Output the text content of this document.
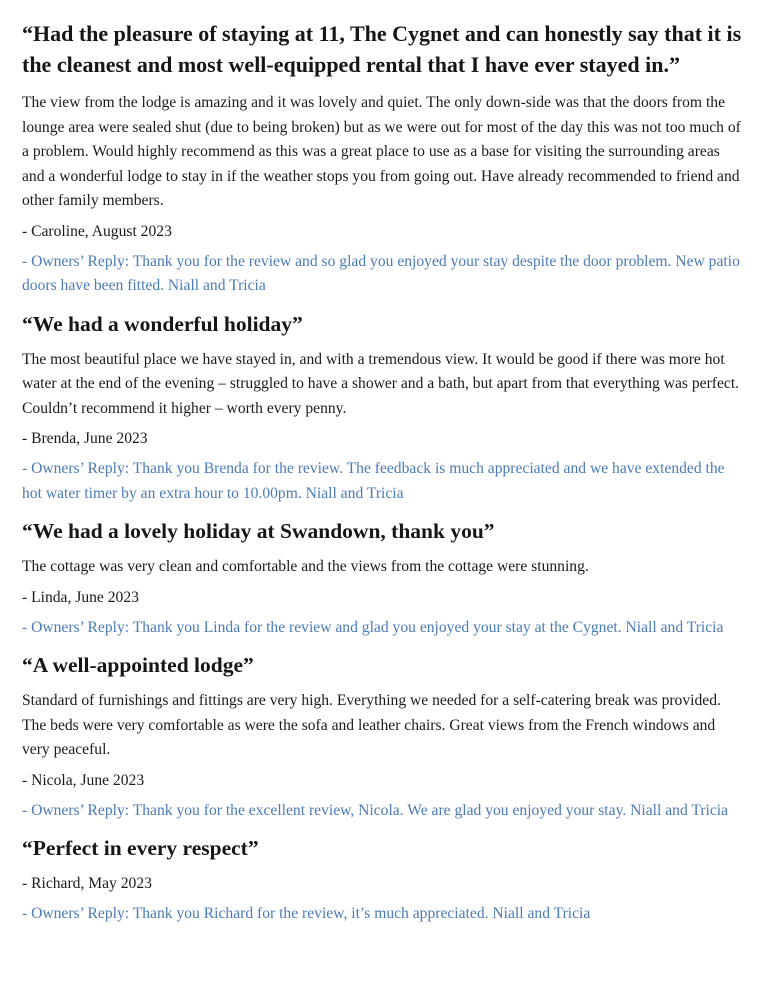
“Had the pleasure of staying at 11, The Cygnet and can honestly say that it is the cleanest and most well-equipped rental that I have ever stayed in.”

The view from the lodge is amazing and it was lovely and quiet. The only down-side was that the doors from the lounge area were sealed shut (due to being broken) but as we were out for most of the day this was not too much of a problem. Would highly recommend as this was a great place to use as a base for visiting the surrounding areas and a wonderful lodge to stay in if the weather stops you from going out. Have already recommended to friend and other family members.

- Caroline, August 2023

- Owners’ Reply: Thank you for the review and so glad you enjoyed your stay despite the door problem. New patio doors have been fitted. Niall and Tricia

“We had a wonderful holiday”

The most beautiful place we have stayed in, and with a tremendous view. It would be good if there was more hot water at the end of the evening – struggled to have a shower and a bath, but apart from that everything was perfect. Couldn’t recommend it higher – worth every penny.

- Brenda, June 2023

- Owners’ Reply: Thank you Brenda for the review. The feedback is much appreciated and we have extended the hot water timer by an extra hour to 10.00pm. Niall and Tricia

“We had a lovely holiday at Swandown, thank you”

The cottage was very clean and comfortable and the views from the cottage were stunning.

- Linda, June 2023

- Owners’ Reply: Thank you Linda for the review and glad you enjoyed your stay at the Cygnet. Niall and Tricia

“A well-appointed lodge”

Standard of furnishings and fittings are very high. Everything we needed for a self-catering break was provided. The beds were very comfortable as were the sofa and leather chairs. Great views from the French windows and very peaceful.

- Nicola, June 2023

- Owners’ Reply: Thank you for the excellent review, Nicola. We are glad you enjoyed your stay. Niall and Tricia

“Perfect in every respect”

- Richard, May 2023

- Owners’ Reply: Thank you Richard for the review, it’s much appreciated. Niall and Tricia
